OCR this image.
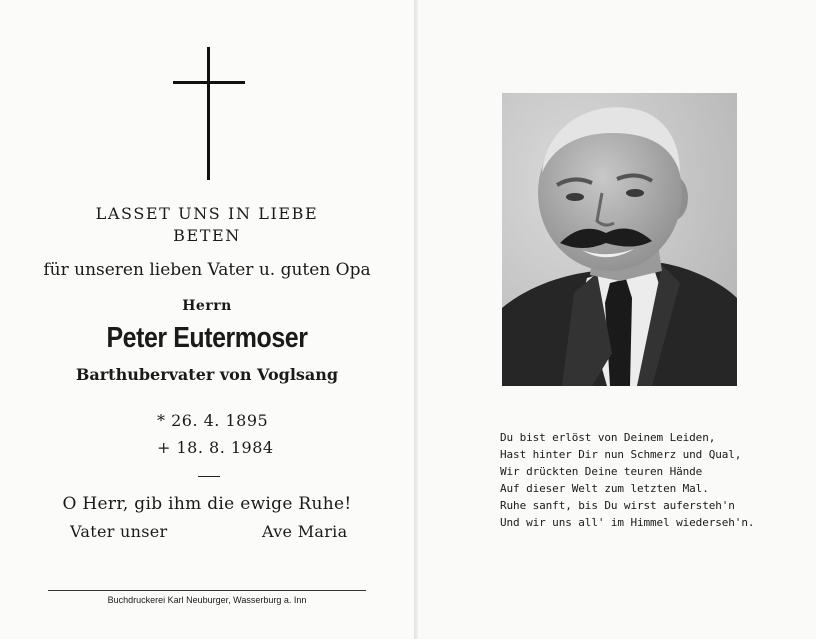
LASSET UNS IN LIEBE
BETEN
für unseren lieben Vater u. guten Opa
Herrn
Peter Eutermoser
Barthubervater von Voglsang
* 26. 4. 1895
+ 18. 8. 1984
O Herr, gib ihm die ewige Ruhe!
Vater unser	Ave Maria
Buchdruckerei Karl Neuburger, Wasserburg a. Inn
Du bist erlöst von Deinem Leiden,
Hast hinter Dir nun Schmerz und Qual,
Wir drückten Deine teuren Hände
Auf dieser Welt zum letzten Mal.
Ruhe sanft, bis Du wirst aufersteh'n
Und wir uns all' im Himmel wiederseh'n.
